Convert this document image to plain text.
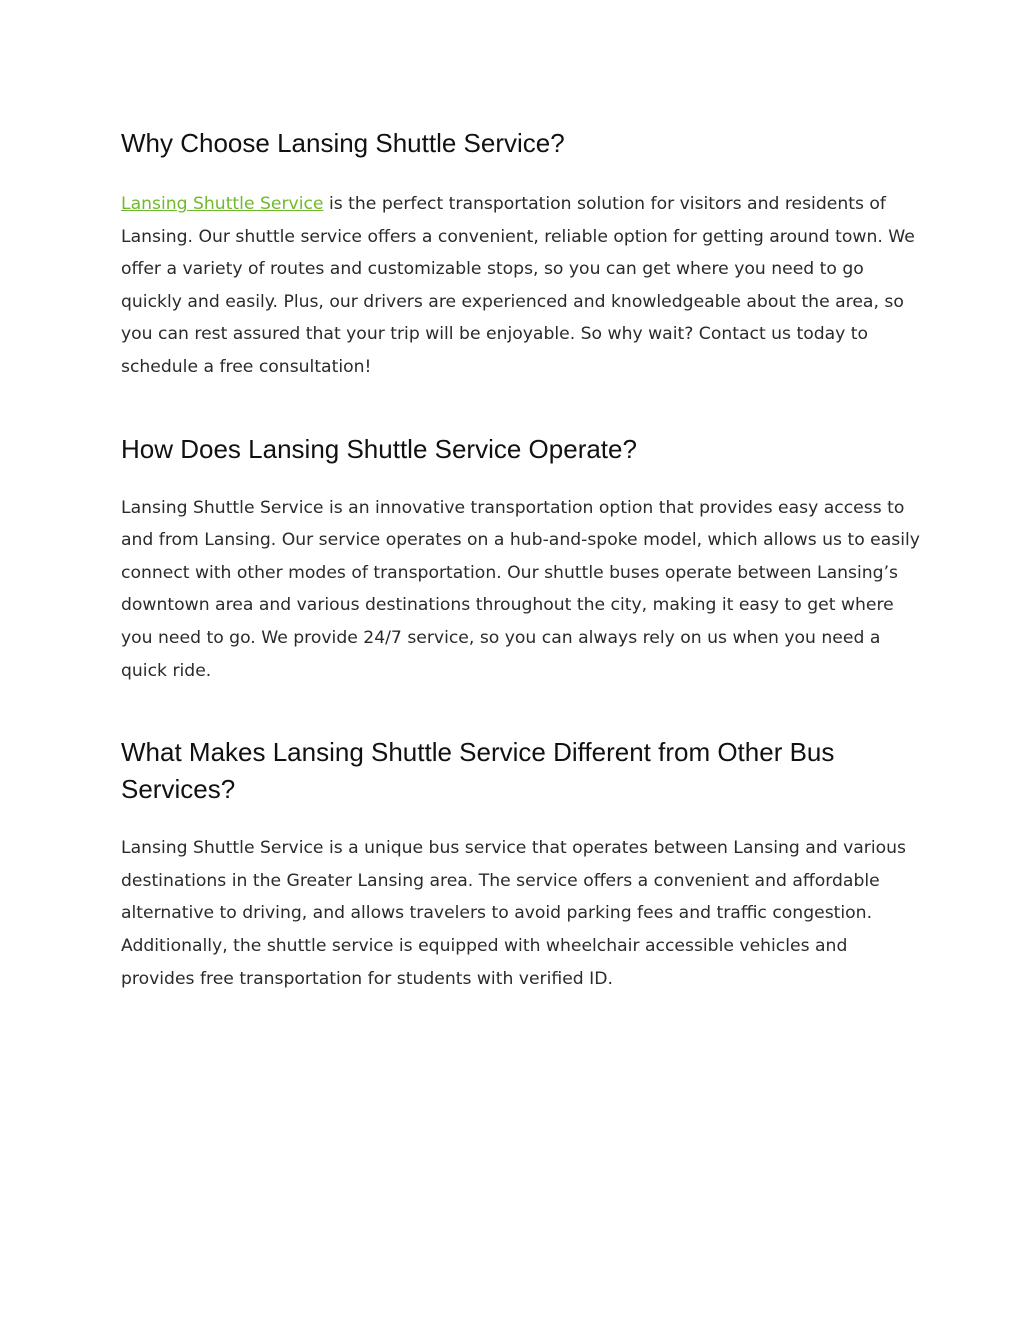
Why Choose Lansing Shuttle Service?

Lansing Shuttle Service is the perfect transportation solution for visitors and residents of Lansing. Our shuttle service offers a convenient, reliable option for getting around town. We offer a variety of routes and customizable stops, so you can get where you need to go quickly and easily. Plus, our drivers are experienced and knowledgeable about the area, so you can rest assured that your trip will be enjoyable. So why wait? Contact us today to schedule a free consultation!

How Does Lansing Shuttle Service Operate?

Lansing Shuttle Service is an innovative transportation option that provides easy access to and from Lansing. Our service operates on a hub-and-spoke model, which allows us to easily connect with other modes of transportation. Our shuttle buses operate between Lansing’s downtown area and various destinations throughout the city, making it easy to get where you need to go. We provide 24/7 service, so you can always rely on us when you need a quick ride.

What Makes Lansing Shuttle Service Different from Other Bus Services?

Lansing Shuttle Service is a unique bus service that operates between Lansing and various destinations in the Greater Lansing area. The service offers a convenient and affordable alternative to driving, and allows travelers to avoid parking fees and traffic congestion. Additionally, the shuttle service is equipped with wheelchair accessible vehicles and provides free transportation for students with verified ID.
